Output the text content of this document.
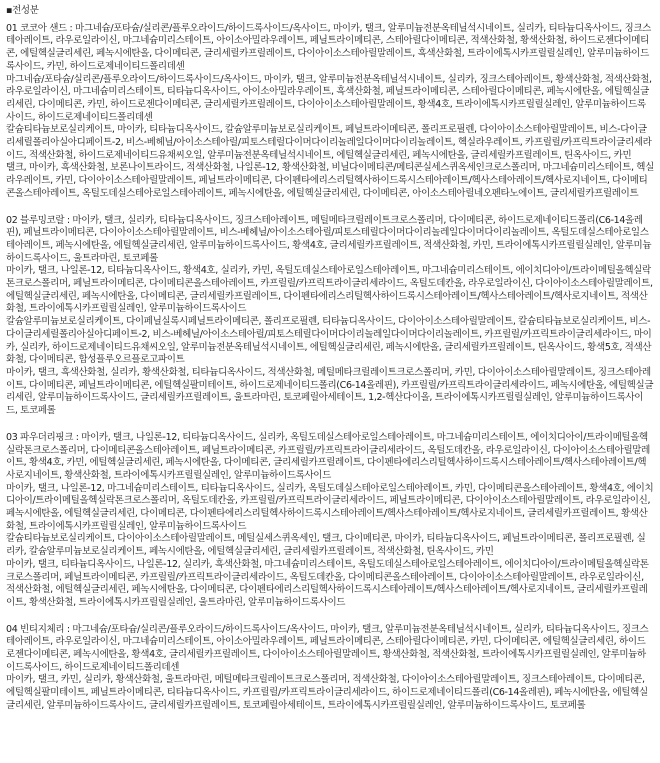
▪전성분

01 코코아 샌드 : 마그네슘/포타슘/실리콘/플루오라이드/하이드록사이드/옥사이드, 마이카, 탤크, 알루미늄전분옥테닐석시네이트, 실리카, 티타늄디옥사이드, 징크스테아레이트, 라우로일라이신, 마그네슘미리스테이트, 아이소아밀라우레이트, 페닐트라이메티콘, 스테아릴다이메티콘, 적색산화철, 황색산화철, 하이드로젠다이메티콘, 에틸헥실글리세린, 페녹시에탄올, 다이메티콘, 글리세릴카프릴레이트, 다이아이소스테아릴말레이트, 흑색산화철, 트라이에톡시카프릴릴실레인, 알루미늄하이드록사이드, 카민, 하이드로제네이티드폴리데센

마그네슘/포타슘/실리콘/플루오라이드/하이드록사이드/옥사이드, 마이카, 탤크, 알루미늄전분옥테닐석시네이트, 실리카, 징크스테아레이트, 황색산화철, 적색산화철, 라우로일라이신, 마그네슘미리스테이트, 티타늄디옥사이드, 아이소아밀라우레이트, 흑색산화철, 페닐트라이메티콘, 스테아릴다이메티콘, 페녹시에탄올, 에틸헥실글리세린, 다이메티콘, 카민, 하이드로젠다이메티콘, 글리세릴카프릴레이트, 다이아이소스테아릴말레이트, 황색4호, 트라이에톡시카프릴릴실레인, 알루미늄하이드록사이드, 하이드로제네이티드폴리데센

칼슘티타늄보로실리케이트, 마이카, 티타늄디옥사이드, 칼슘알루미늄보로실리케이트, 페닐트라이메티콘, 폴리프로필렌, 다이아이소스테아릴말레이트, 비스-다이글리세릴폴리아실아디페이트-2, 비스-베헤닐/아이소스테아릴/피토스테릴다이머다이리놀레일다이머다이리놀레이트, 헥실라우레이트, 카프릴릴/카프릭트라이글리세라이드, 적색산화철, 하이드로제네이티드유채씨오일, 알루미늄전분옥테닐석시네이트, 에틸헥실글리세린, 페녹시에탄올, 글리세릴카프릴레이트, 틴옥사이드, 카민

탤크, 마이카, 흑색산화철, 보론나이트라이드, 적색산화철, 나일론-12, 황색산화철, 비닐다이메티콘/메티콘실세스퀴옥세인크로스폴리머, 마그네슘미리스테이트, 헥실라우레이트, 카민, 다이아이소스테아릴말레이트, 페닐트라이메티콘, 다이펜타에리스리틸헥사하이드록시스테아레이트/헥사스테아레이트/헥사로지네이트, 다이메티콘올스테아레이트, 옥틸도데실스테아로일스테아레이트, 페녹시에탄올, 에틸헥실글리세린, 다이메티콘, 아이소스테아릴네오펜타노에이트, 글리세릴카프릴레이트

02 블루밍코랄 : 마이카, 탤크, 실리카, 티타늄디옥사이드, 징크스테아레이트, 메틸메타크릴레이트크로스폴리머, 다이메티콘, 하이드로제네이티드폴리(C6-14올레핀), 페닐트라이메티콘, 다이아이소스테아릴말레이트, 비스-베헤닐/아이소스테아릴/피토스테릴다이머다이리놀레일다이머다이리놀레이트, 옥틸도데실스테아로일스테아레이트, 페녹시에탄올, 에틸헥실글리세린, 알루미늄하이드록사이드, 황색4호, 글리세릴카프릴레이트, 적색산화철, 카민, 트라이에톡시카프릴릴실레인, 알루미늄하이드록사이드, 울트라마린, 토코페롤

마이카, 탤크, 나일론-12, 티타늄디옥사이드, 황색4호, 실리카, 카민, 옥틸도데실스테아로일스테아레이트, 마그네슘미리스테이트, 에이치디아이/트라이메틸올헥실락톤크로스폴리머, 페닐트라이메티콘, 다이메티콘올스테아레이트, 카프릴릴/카프릭트라이글리세라이드, 옥틸도데칸올, 라우로일라이신, 다이아이소스테아릴말레이트, 에틸헥실글리세린, 페녹시에탄올, 다이메티콘, 글리세릴카프릴레이트, 다이펜타에리스리틸헥사하이드록시스테아레이트/헥사스테아레이트/헥사로지네이트, 적색산화철, 트라이에톡시카프릴릴실레인, 알루미늄하이드록사이드

칼슘알루미늄보로실리케이트, 다이페닐실록시페닐트라이메티콘, 폴리프로필렌, 티타늄디옥사이드, 다이아이소스테아릴말레이트, 칼슘티타늄보로실리케이트, 비스-다이글리세릴폴리아실아디페이트-2, 비스-베헤닐/아이소스테아릴/피토스테릴다이머다이리놀레일다이머다이리놀레이트, 카프릴릴/카프릭트라이글리세라이드, 마이카, 실리카, 하이드로제네이티드유채씨오일, 알루미늄전분옥테닐석시네이트, 에틸헥실글리세린, 페녹시에탄올, 글리세릴카프릴레이트, 틴옥사이드, 황색5호, 적색산화철, 다이메티콘, 합성플루오르플로고파이트

마이카, 탤크, 흑색산화철, 실리카, 황색산화철, 티타늄디옥사이드, 적색산화철, 메틸메타크릴레이트크로스폴리머, 카민, 다이아이소스테아릴말레이트, 징크스테아레이트, 다이메티콘, 페닐트라이메티콘, 에틸헥실팔미테이트, 하이드로제네이티드폴리(C6-14올레핀), 카프릴릴/카프릭트라이글리세라이드, 페녹시에탄올, 에틸헥실글리세린, 알루미늄하이드록사이드, 글리세릴카프릴레이트, 울트라마린, 토코페릴아세테이트, 1,2-헥산다이올, 트라이에톡시카프릴릴실레인, 알루미늄하이드록사이드, 토코페롤

03 파우더리핑크 : 마이카, 탤크, 나일론-12, 티타늄디옥사이드, 실리카, 옥틸도데실스테아로일스테아레이트, 마그네슘미리스테이트, 에이치디아이/트라이메틸올헥실락톤크로스폴리머, 다이메티콘올스테아레이트, 페닐트라이메티콘, 카프릴릴/카프릭트라이글리세라이드, 옥틸도데칸올, 라우로일라이신, 다이아이소스테아릴말레이트, 황색4호, 카민, 에틸헥실글리세린, 페녹시에탄올, 다이메티콘, 글리세릴카프릴레이트, 다이펜타에리스리틸헥사하이드록시스테아레이트/헥사스테아레이트/헥사로지네이트, 황색산화철, 트라이에톡시카프릴릴실레인, 알루미늄하이드록사이드

마이카, 탤크, 나일론-12, 마그네슘미리스테이트, 티타늄디옥사이드, 실리카, 옥틸도데실스테아로일스테아레이트, 카민, 다이메티콘올스테아레이트, 황색4호, 에이치디아이/트라이메틸올헥실락톤크로스폴리머, 옥틸도데칸올, 카프릴릴/카프릭트라이글리세라이드, 페닐트라이메티콘, 다이아이소스테아릴말레이트, 라우로일라이신, 페녹시에탄올, 에틸헥실글리세린, 다이메티콘, 다이펜타에리스리틸헥사하이드록시스테아레이트/헥사스테아레이트/헥사로지네이트, 글리세릴카프릴레이트, 황색산화철, 트라이에톡시카프릴릴실레인, 알루미늄하이드록사이드

칼슘티타늄보로실리케이트, 다이아이소스테아릴말레이트, 메틸실세스퀴옥세인, 탤크, 다이메티콘, 마이카, 티타늄디옥사이드, 페닐트라이메티콘, 폴리프로필렌, 실리카, 칼슘알루미늄보로실리케이트, 페녹시에탄올, 에틸헥실글리세린, 글리세릴카프릴레이트, 적색산화철, 틴옥사이드, 카민

마이카, 탤크, 티타늄디옥사이드, 나일론-12, 실리카, 흑색산화철, 마그네슘미리스테이트, 옥틸도데실스테아로일스테아레이트, 에이치디아이/트라이메틸올헥실락톤크로스폴리머, 페닐트라이메티콘, 카프릴릴/카프릭트라이글리세라이드, 옥틸도데칸올, 다이메티콘올스테아레이트, 다이아이소스테아릴말레이트, 라우로일라이신, 적색산화철, 에틸헥실글리세린, 페녹시에탄올, 다이메티콘, 다이펜타에리스리틸헥사하이드록시스테아레이트/헥사스테아레이트/헥사로지네이트, 글리세릴카프릴레이트, 황색산화철, 트라이에톡시카프릴릴실레인, 울트라마린, 알루미늄하이드록사이드

04 빈티지체리 : 마그네슘/포타슘/실리콘/플루오라이드/하이드록사이드/옥사이드, 마이카, 탤크, 알루미늄전분옥테닐석시네이트, 실리카, 티타늄디옥사이드, 징크스테아레이트, 라우로일라이신, 마그네슘미리스테이트, 아이소아밀라우레이트, 페닐트라이메티콘, 스테아릴다이메티콘, 카민, 다이메티콘, 에틸헥실글리세린, 하이드로젠다이메티콘, 페녹시에탄올, 황색4호, 글리세릴카프릴레이트, 다이아이소스테아릴말레이트, 황색산화철, 적색산화철, 트라이에톡시카프릴릴실레인, 알루미늄하이드록사이드, 하이드로제네이티드폴리데센

마이카, 탤크, 카민, 실리카, 황색산화철, 울트라마린, 메틸메타크릴레이트크로스폴리머, 적색산화철, 다이아이소스테아릴말레이트, 징크스테아레이트, 다이메티콘, 에틸헥실팔미테이트, 페닐트라이메티콘, 티타늄디옥사이드, 카프릴릴/카프릭트라이글리세라이드, 하이드로제네이티드폴리(C6-14올레핀), 페녹시에탄올, 에틸헥실글리세린, 알루미늄하이드록사이드, 글리세릴카프릴레이트, 토코페릴아세테이트, 트라이에톡시카프릴릴실레인, 알루미늄하이드록사이드, 토코페롤
